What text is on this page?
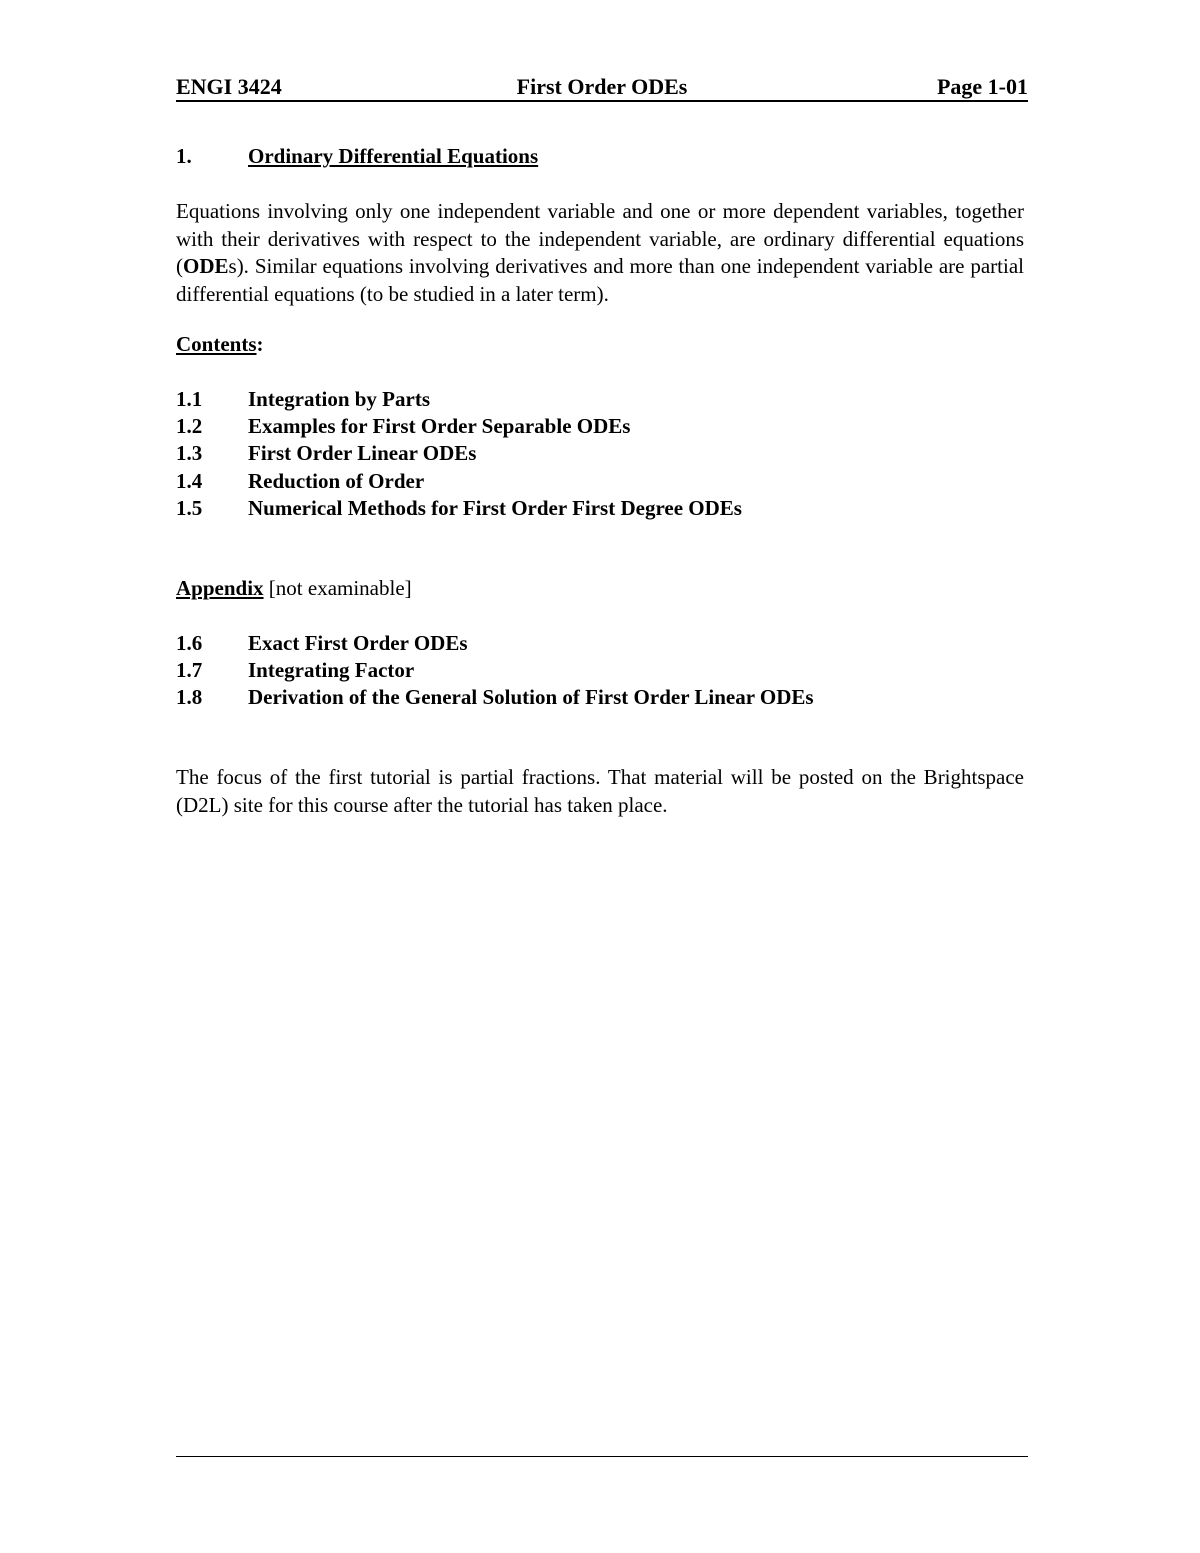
ENGI 3424	First Order ODEs	Page 1-01
1.	Ordinary Differential Equations
Equations involving only one independent variable and one or more dependent variables, together with their derivatives with respect to the independent variable, are ordinary differential equations (ODEs). Similar equations involving derivatives and more than one independent variable are partial differential equations (to be studied in a later term).
Contents:
1.1 Integration by Parts
1.2 Examples for First Order Separable ODEs
1.3 First Order Linear ODEs
1.4 Reduction of Order
1.5 Numerical Methods for First Order First Degree ODEs
Appendix [not examinable]
1.6 Exact First Order ODEs
1.7 Integrating Factor
1.8 Derivation of the General Solution of First Order Linear ODEs
The focus of the first tutorial is partial fractions. That material will be posted on the Brightspace (D2L) site for this course after the tutorial has taken place.
